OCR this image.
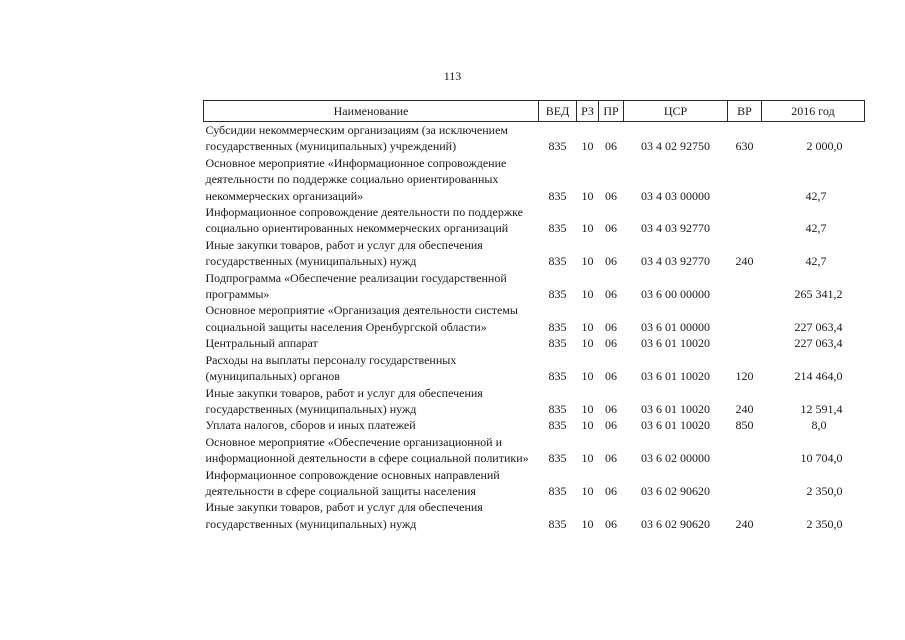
113
Наименование	ВЕД	РЗ	ПР	ЦСР	ВР	2016 год
Субсидии некоммерческим организациям (за исключением государственных (муниципальных) учреждений)	835	10	06	03 4 02 92750	630	2 000,0
Основное мероприятие «Информационное сопровождение деятельности по поддержке социально ориентированных некоммерческих организаций»	835	10	06	03 4 03 00000		42,7
Информационное сопровождение деятельности по поддержке социально ориентированных некоммерческих организаций	835	10	06	03 4 03 92770		42,7
Иные закупки товаров, работ и услуг для обеспечения государственных (муниципальных) нужд	835	10	06	03 4 03 92770	240	42,7
Подпрограмма «Обеспечение реализации государственной программы»	835	10	06	03 6 00 00000		265 341,2
Основное мероприятие «Организация деятельности системы социальной защиты населения Оренбургской области»	835	10	06	03 6 01 00000		227 063,4
Центральный аппарат	835	10	06	03 6 01 10020		227 063,4
Расходы на выплаты персоналу государственных (муниципальных) органов	835	10	06	03 6 01 10020	120	214 464,0
Иные закупки товаров, работ и услуг для обеспечения государственных (муниципальных) нужд	835	10	06	03 6 01 10020	240	12 591,4
Уплата налогов, сборов и иных платежей	835	10	06	03 6 01 10020	850	8,0
Основное мероприятие «Обеспечение организационной и информационной деятельности в сфере социальной политики»	835	10	06	03 6 02 00000		10 704,0
Информационное сопровождение основных направлений деятельности в сфере социальной защиты населения	835	10	06	03 6 02 90620		2 350,0
Иные закупки товаров, работ и услуг для обеспечения государственных (муниципальных) нужд	835	10	06	03 6 02 90620	240	2 350,0
